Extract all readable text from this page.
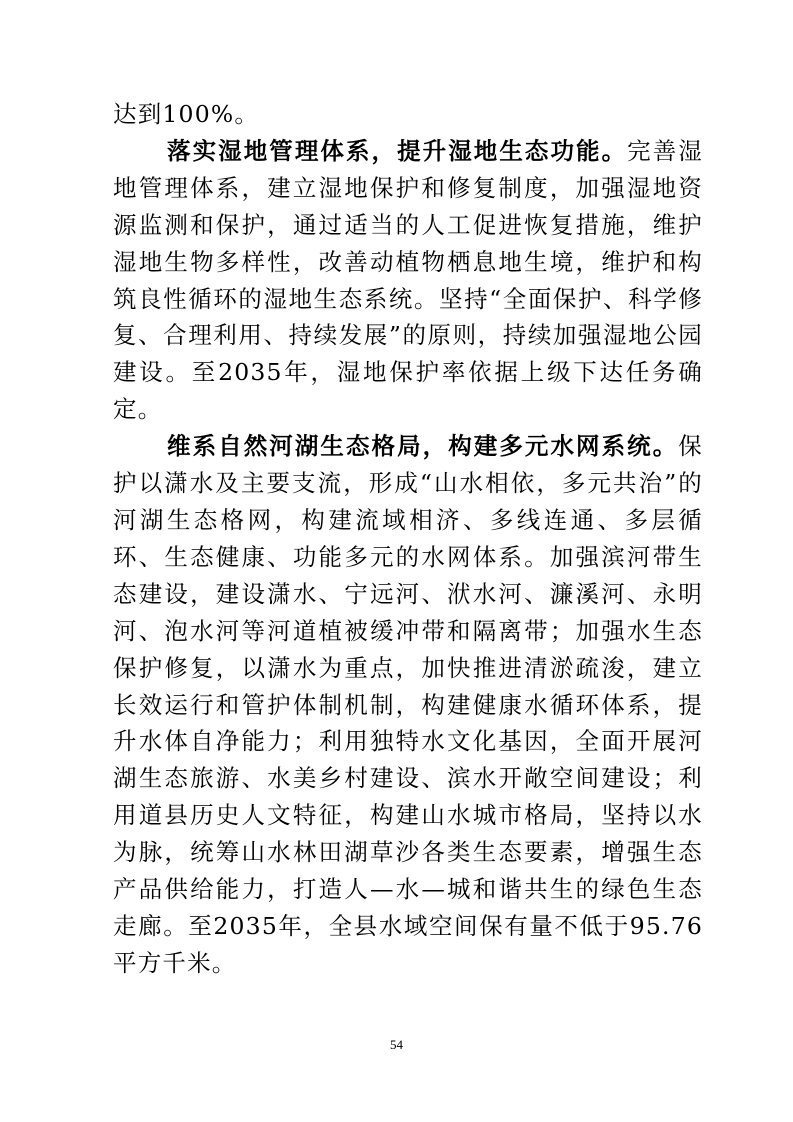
达到100%。

落实湿地管理体系，提升湿地生态功能。完善湿地管理体系，建立湿地保护和修复制度，加强湿地资源监测和保护，通过适当的人工促进恢复措施，维护湿地生物多样性，改善动植物栖息地生境，维护和构筑良性循环的湿地生态系统。坚持“全面保护、科学修复、合理利用、持续发展”的原则，持续加强湿地公园建设。至2035年，湿地保护率依据上级下达任务确定。

维系自然河湖生态格局，构建多元水网系统。保护以潇水及主要支流，形成“山水相依，多元共治”的河湖生态格网，构建流域相济、多线连通、多层循环、生态健康、功能多元的水网体系。加强滨河带生态建设，建设潇水、宁远河、洑水河、濂溪河、永明河、泡水河等河道植被缓冲带和隔离带；加强水生态保护修复，以潇水为重点，加快推进清淤疏浚，建立长效运行和管护体制机制，构建健康水循环体系，提升水体自净能力；利用独特水文化基因，全面开展河湖生态旅游、水美乡村建设、滨水开敞空间建设；利用道县历史人文特征，构建山水城市格局，坚持以水为脉，统筹山水林田湖草沙各类生态要素，增强生态产品供给能力，打造人—水—城和谐共生的绿色生态走廊。至2035年，全县水域空间保有量不低于95.76平方千米。

54
